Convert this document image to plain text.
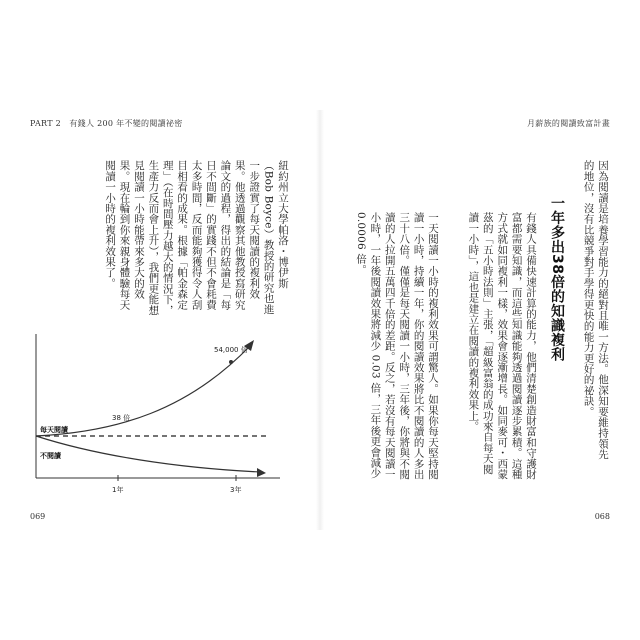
PART 2　有錢人 200 年不變的閱讀祕密	月薪族的閱讀致富計畫
紐約州立大學帕洛・博伊斯（Bob Boyce）教授的研究也進一步證實了每天閱讀的複利效果。他透過觀察其他教授寫研究論文的過程，得出的結論是「每日不間斷」的實踐不但不會耗費太多時間，反而能夠獲得令人刮目相看的成果。根據「帕金森定理」（在時間壓力越大的情況下，生產力反而會上升），我們更能想見閱讀一小時能帶來多大的效果。現在輪到你來親身體驗每天閱讀一小時的複利效果了。
54,000 倍
38 倍
每天閱讀
不閱讀
1年	3年
069
因為閱讀是培養學習能力的絕對且唯一方法。他深知要維持領先的地位，沒有比競爭對手學得更快的能力更好的祕訣。
一年多出38倍的知識複利
有錢人具備快速計算的能力，他們清楚創造財富和守護財富都需要知識，而這些知識能夠透過閱讀逐步累積。這種方式就如同複利一樣，效果會逐漸增長。如同麥可・西蒙茲的「五小時法則」主張，「超級富翁的成功來自每天閱讀一小時」，這也是建立在閱讀的複利效果上。
一天閱讀一小時的複利效果可謂驚人。如果你每天堅持閱讀一小時，持續一年，你的閱讀效果將比不閱讀的人多出三十八倍。僅僅是每天閱讀一小時，三年後，你將與不閱讀的人拉開五萬四千倍的差距。反之，若沒有每天閱讀一小時，一年後閱讀效果將減少 0.03 倍，三年後更會減少 0.0006 倍。
068
